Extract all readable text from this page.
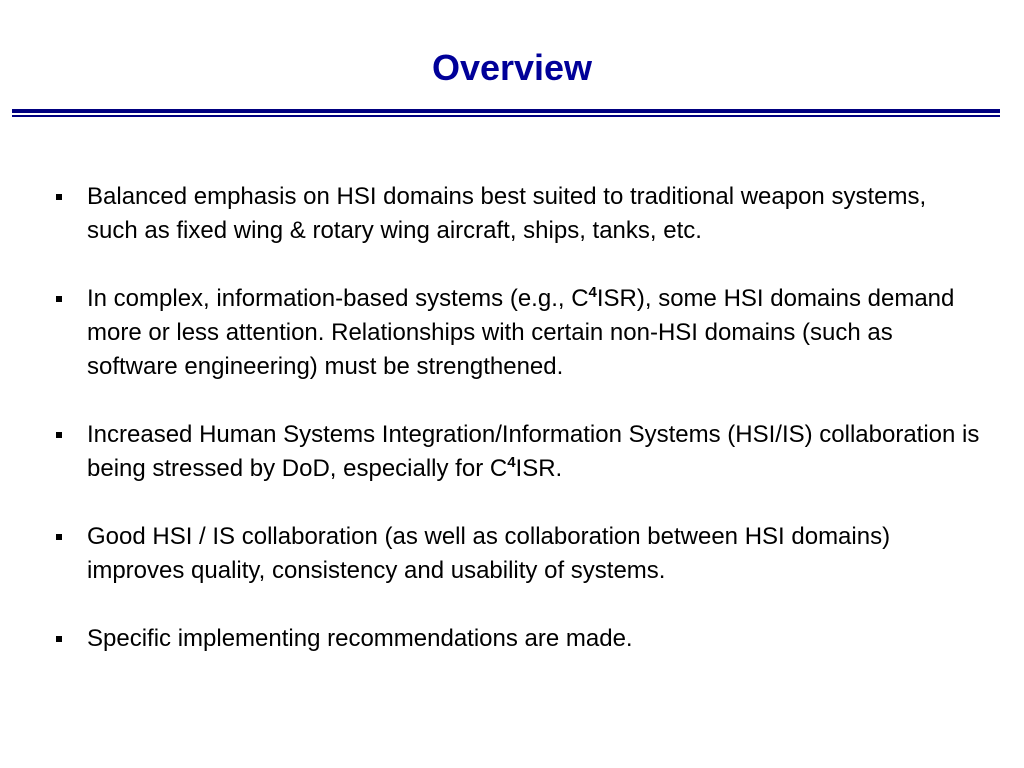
Overview
Balanced emphasis on HSI domains best suited to traditional weapon systems, such as fixed wing & rotary wing aircraft, ships, tanks, etc.
In complex, information-based systems (e.g., $C^4ISR$), some HSI domains demand more or less attention. Relationships with certain non-HSI domains (such as software engineering) must be strengthened.
Increased Human Systems Integration/Information Systems (HSI/IS) collaboration is being stressed by DoD, especially for $C^4ISR$.
Good HSI / IS collaboration (as well as collaboration between HSI domains) improves quality, consistency and usability of systems.
Specific implementing recommendations are made.
